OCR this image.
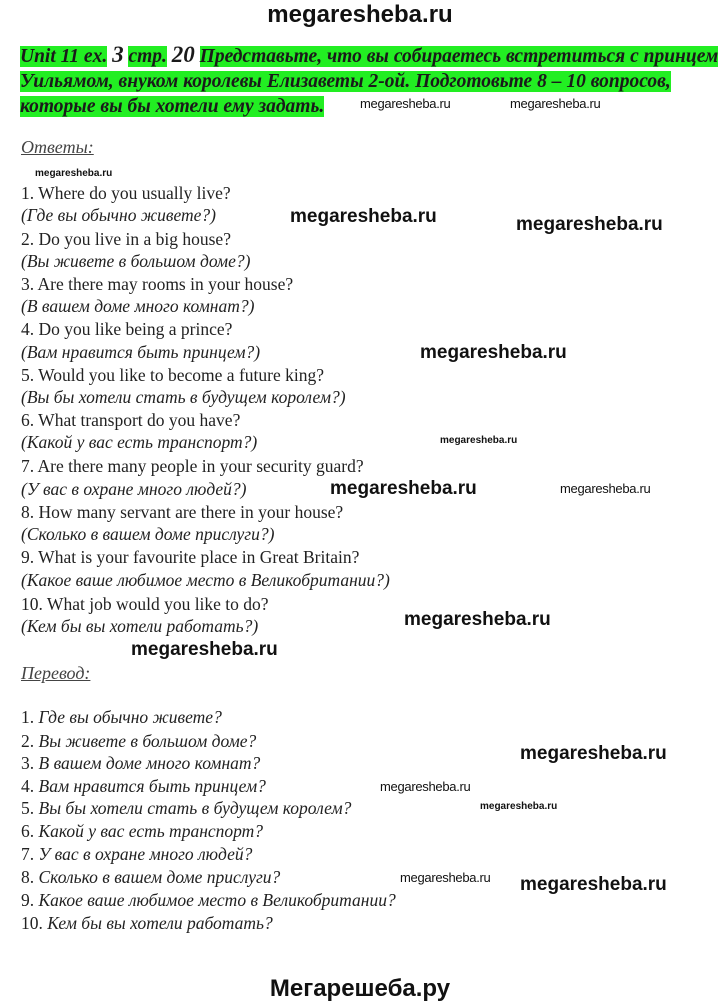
megaresheba.ru
Unit 11 ex. 3 стр. 20 Представьте, что вы собираетесь встретиться с принцем
Уильямом, внуком королевы Елизаветы 2-ой. Подготовьте 8 – 10 вопросов,
которые вы бы хотели ему задать.
Ответы:
1. Where do you usually live?
(Где вы обычно живете?)
2. Do you live in a big house?
(Вы живете в большом доме?)
3. Are there may rooms in your house?
(В вашем доме много комнат?)
4. Do you like being a prince?
(Вам нравится быть принцем?)
5. Would you like to become a future king?
(Вы бы хотели стать в будущем королем?)
6. What transport do you have?
(Какой у вас есть транспорт?)
7. Are there many people in your security guard?
(У вас в охране много людей?)
8. How many servant are there in your house?
(Сколько в вашем доме прислуги?)
9. What is your favourite place in Great Britain?
(Какое ваше любимое место в Великобритании?)
10. What job would you like to do?
(Кем бы вы хотели работать?)
Перевод:
1. Где вы обычно живете?
2. Вы живете в большом доме?
3. В вашем доме много комнат?
4. Вам нравится быть принцем?
5. Вы бы хотели стать в будущем королем?
6. Какой у вас есть транспорт?
7. У вас в охране много людей?
8. Сколько в вашем доме прислуги?
9. Какое ваше любимое место в Великобритании?
10. Кем бы вы хотели работать?
megaresheba.ru	megaresheba.ru
megaresheba.ru
megaresheba.ru
megaresheba.ru
megaresheba.ru
megaresheba.ru
megaresheba.ru
megaresheba.ru	megaresheba.ru
megaresheba.ru
megaresheba.ru
megaresheba.ru
megaresheba.ru
megaresheba.ru
megaresheba.ru
Мегарешеба.ру
